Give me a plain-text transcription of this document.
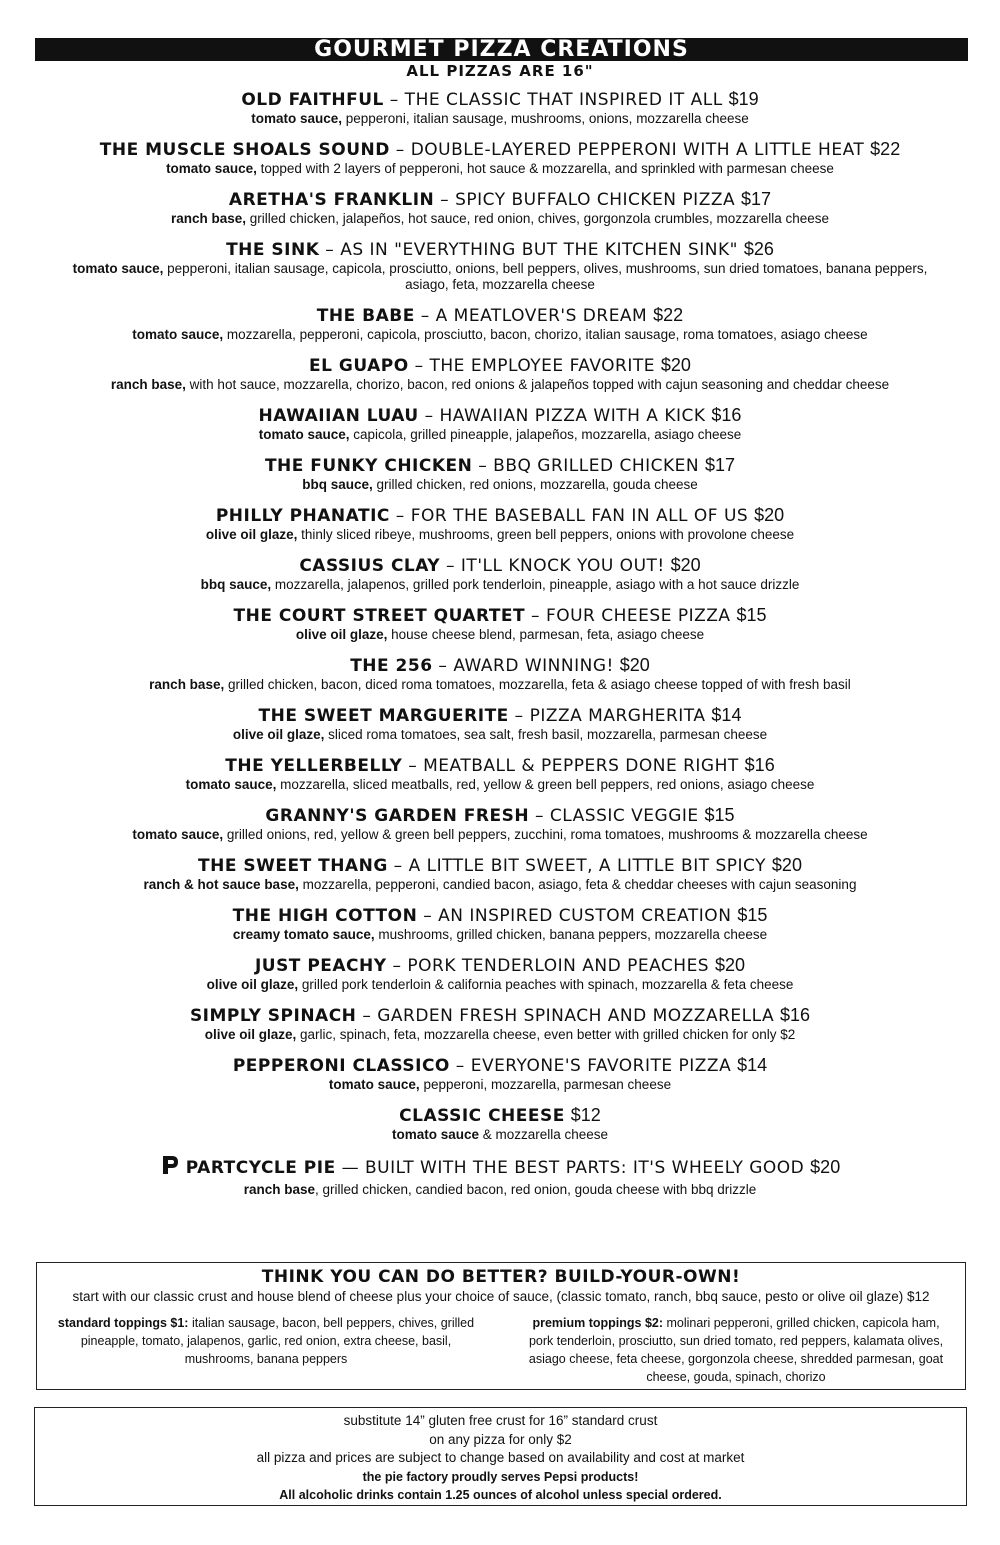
GOURMET PIZZA CREATIONS
ALL PIZZAS ARE 16"
OLD FAITHFUL – THE CLASSIC THAT INSPIRED IT ALL $19
tomato sauce, pepperoni, italian sausage, mushrooms, onions, mozzarella cheese
THE MUSCLE SHOALS SOUND – DOUBLE-LAYERED PEPPERONI WITH A LITTLE HEAT $22
tomato sauce, topped with 2 layers of pepperoni, hot sauce & mozzarella, and sprinkled with parmesan cheese
ARETHA'S FRANKLIN – SPICY BUFFALO CHICKEN PIZZA $17
ranch base, grilled chicken, jalapeños, hot sauce, red onion, chives, gorgonzola crumbles, mozzarella cheese
THE SINK – AS IN "EVERYTHING BUT THE KITCHEN SINK" $26
tomato sauce, pepperoni, italian sausage, capicola, prosciutto, onions, bell peppers, olives, mushrooms, sun dried tomatoes, banana peppers, asiago, feta, mozzarella cheese
THE BABE – A MEATLOVER'S DREAM $22
tomato sauce, mozzarella, pepperoni, capicola, prosciutto, bacon, chorizo, italian sausage, roma tomatoes, asiago cheese
EL GUAPO – THE EMPLOYEE FAVORITE $20
ranch base, with hot sauce, mozzarella, chorizo, bacon, red onions & jalapeños topped with cajun seasoning and cheddar cheese
HAWAIIAN LUAU – HAWAIIAN PIZZA WITH A KICK $16
tomato sauce, capicola, grilled pineapple, jalapeños, mozzarella, asiago cheese
THE FUNKY CHICKEN – BBQ GRILLED CHICKEN $17
bbq sauce, grilled chicken, red onions, mozzarella, gouda cheese
PHILLY PHANATIC – FOR THE BASEBALL FAN IN ALL OF US $20
olive oil glaze, thinly sliced ribeye, mushrooms, green bell peppers, onions with provolone cheese
CASSIUS CLAY – IT'LL KNOCK YOU OUT! $20
bbq sauce, mozzarella, jalapenos, grilled pork tenderloin, pineapple, asiago with a hot sauce drizzle
THE COURT STREET QUARTET – FOUR CHEESE PIZZA $15
olive oil glaze, house cheese blend, parmesan, feta, asiago cheese
THE 256 – AWARD WINNING! $20
ranch base, grilled chicken, bacon, diced roma tomatoes, mozzarella, feta & asiago cheese topped of with fresh basil
THE SWEET MARGUERITE – PIZZA MARGHERITA $14
olive oil glaze, sliced roma tomatoes, sea salt, fresh basil, mozzarella, parmesan cheese
THE YELLERBELLY – MEATBALL & PEPPERS DONE RIGHT $16
tomato sauce, mozzarella, sliced meatballs, red, yellow & green bell peppers, red onions, asiago cheese
GRANNY'S GARDEN FRESH – CLASSIC VEGGIE $15
tomato sauce, grilled onions, red, yellow & green bell peppers, zucchini, roma tomatoes, mushrooms & mozzarella cheese
THE SWEET THANG – A LITTLE BIT SWEET, A LITTLE BIT SPICY $20
ranch & hot sauce base, mozzarella, pepperoni, candied bacon, asiago, feta & cheddar cheeses with cajun seasoning
THE HIGH COTTON – AN INSPIRED CUSTOM CREATION $15
creamy tomato sauce, mushrooms, grilled chicken, banana peppers, mozzarella cheese
JUST PEACHY – PORK TENDERLOIN AND PEACHES $20
olive oil glaze, grilled pork tenderloin & california peaches with spinach, mozzarella & feta cheese
SIMPLY SPINACH – GARDEN FRESH SPINACH AND MOZZARELLA $16
olive oil glaze, garlic, spinach, feta, mozzarella cheese, even better with grilled chicken for only $2
PEPPERONI CLASSICO – EVERYONE'S FAVORITE PIZZA $14
tomato sauce, pepperoni, mozzarella, parmesan cheese
CLASSIC CHEESE $12
tomato sauce & mozzarella cheese
PARTCYCLE PIE — BUILT WITH THE BEST PARTS: IT'S WHEELY GOOD $20
ranch base, grilled chicken, candied bacon, red onion, gouda cheese with bbq drizzle
THINK YOU CAN DO BETTER? BUILD-YOUR-OWN!
start with our classic crust and house blend of cheese plus your choice of sauce, (classic tomato, ranch, bbq sauce, pesto or olive oil glaze) $12
standard toppings $1: italian sausage, bacon, bell peppers, chives, grilled pineapple, tomato, jalapenos, garlic, red onion, extra cheese, basil, mushrooms, banana peppers
premium toppings $2: molinari pepperoni, grilled chicken, capicola ham, pork tenderloin, prosciutto, sun dried tomato, red peppers, kalamata olives, asiago cheese, feta cheese, gorgonzola cheese, shredded parmesan, goat cheese, gouda, spinach, chorizo
substitute 14” gluten free crust for 16” standard crust
on any pizza for only $2
all pizza and prices are subject to change based on availability and cost at market
the pie factory proudly serves Pepsi products!
All alcoholic drinks contain 1.25 ounces of alcohol unless special ordered.
